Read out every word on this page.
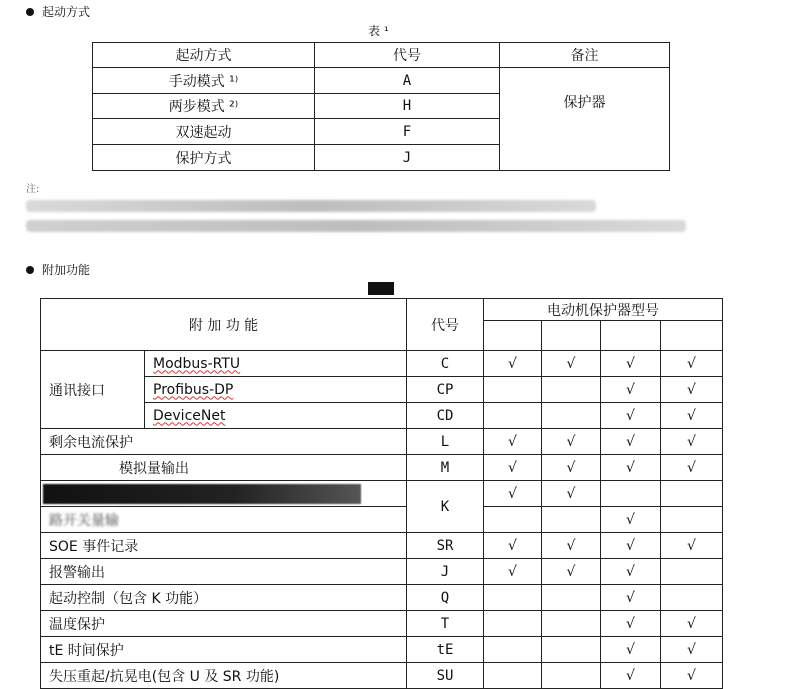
起动方式
表 ¹
起动方式	代号	备注
手动模式 ¹⁾	A	
 保护器

两步模式 ²⁾	H	
双速起动	F	
保护方式	J	
注:
附加功能
附 加 功 能		代号	电动机保护器型号			

通讯接口	Modbus-RTU	C	√	√	√	√
	Profibus-DP	CP			√	√
	DeviceNet	CD			√	√
剩余电流保护		L	√	√	√	√
 模拟量输出		M	√	√	√	√

		K	√	√		
路开关量输					√	
SOE 事件记录		SR	√	√	√	√
报警输出		J	√	√	√	
起动控制（包含 K 功能）		Q			√	
温度保护		T			√	√
tE 时间保护		tE			√	√
失压重起/抗晃电(包含 U 及 SR 功能)		SU			√	√
